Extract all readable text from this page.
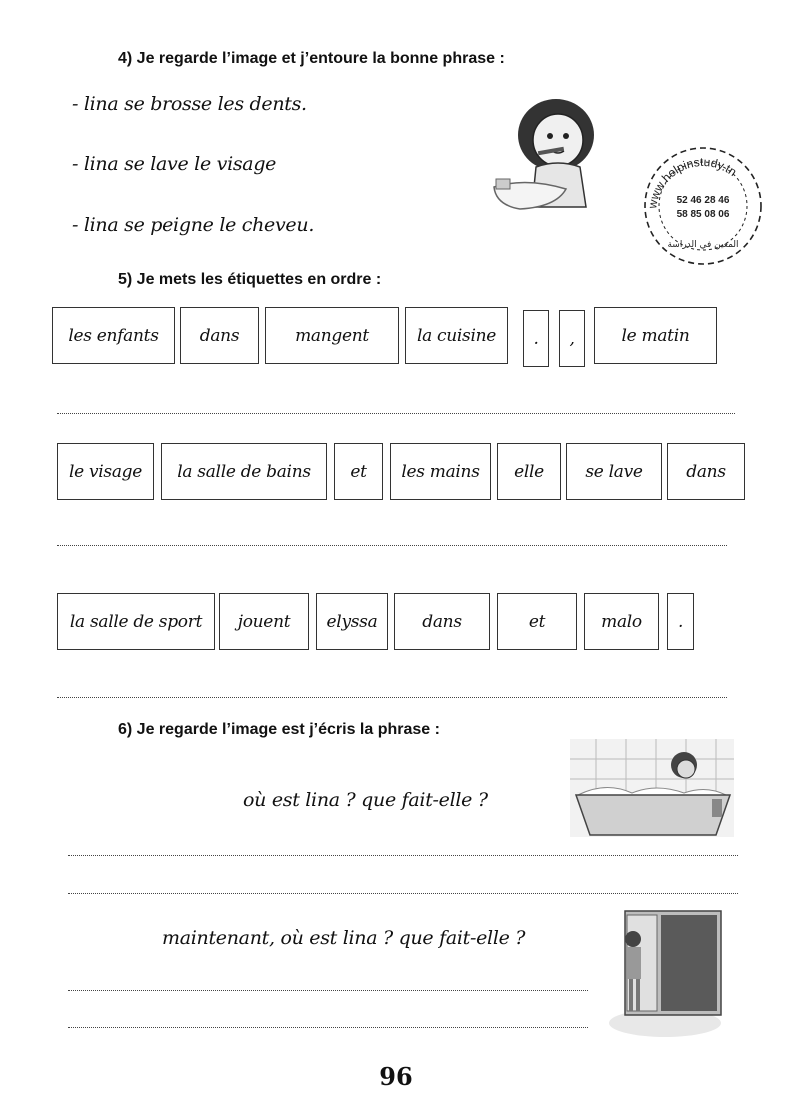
4) Je regarde l’image et j’entoure la bonne phrase :
- lina se brosse les dents.
- lina se lave le visage
- lina se peigne le cheveu.
www.helpinstudy.tn
52 46 28 46
58 85 08 06
المعين في الدراسة
5) Je mets les étiquettes en ordre :
les enfants	dans	mangent	la cuisine	.	,	le matin
le visage	la salle de bains	et	les mains	elle	se lave	dans
la salle de sport	jouent	elyssa	dans	et	malo	.
6) Je regarde l’image est j’écris la phrase :
où est lina ? que fait-elle ?
maintenant, où est lina ? que fait-elle ?
96
